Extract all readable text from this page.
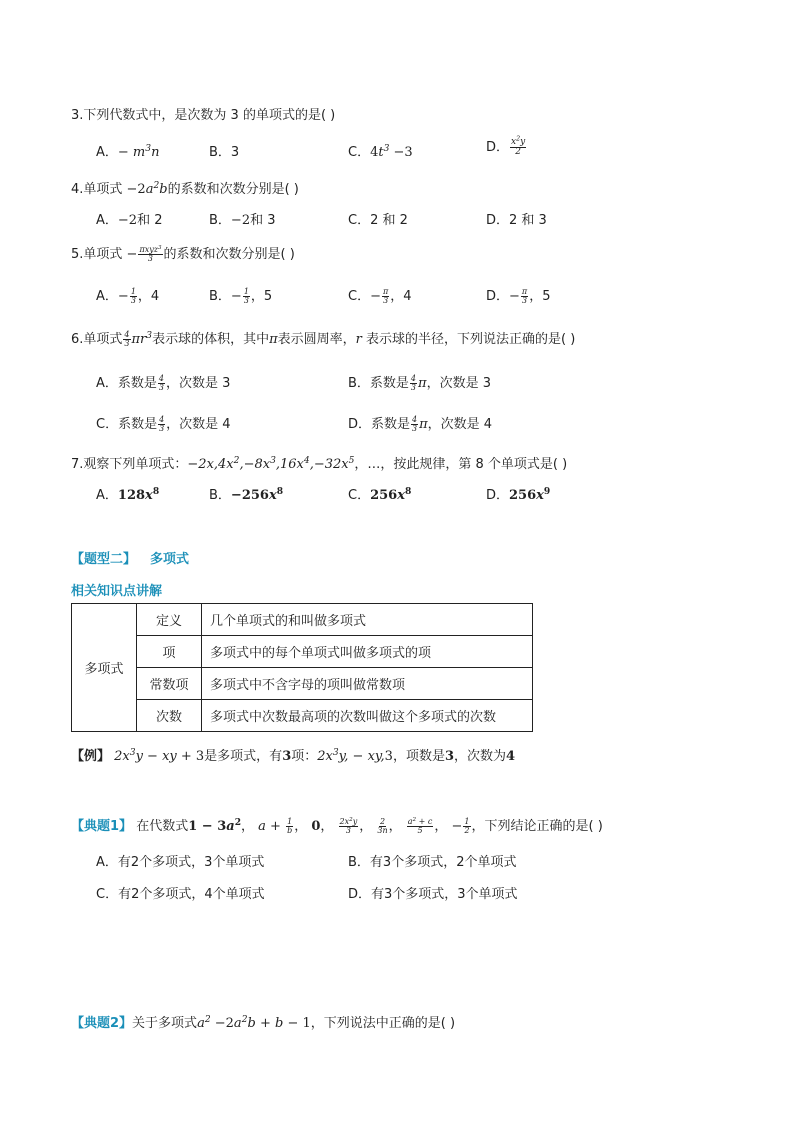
3.下列代数式中，是次数为 3 的单项式的是( )
A．− $m^3n$	B．3	C．$4t^3 -3$	D． $\frac{x^2y}{2}$
4.单项式 $-2a^2b$的系数和次数分别是( )
A．−2和 2	B．−2和 3	C．2 和 2	D．2 和 3
5.单项式 − $\frac{\pi xyz^3}{3}$ 的系数和次数分别是( )
A．− $\frac{1}{3}$ ，4	B．− $\frac{1}{3}$ ，5	C．− $\frac{\pi}{3}$ ，4	D．− $\frac{\pi}{3}$ ，5
6.单项式 $\frac{4}{3} \pi r^3$表示球的体积，其中π表示圆周率，r 表示球的半径，下列说法正确的是( )
A．系数是 $\frac{4}{3}$ ，次数是 3	B．系数是 $\frac{4}{3}$ π，次数是 3
C．系数是 $\frac{4}{3}$ ，次数是 4	D．系数是 $\frac{4}{3}$ π，次数是 4
7.观察下列单项式：$-2x,4x^2,-8x^3,16x^4,-32x^5$，…，按此规律，第 8 个单项式是( )
A．$128x^8$	B．$-256x^8$	C．$256x^8$	D．$256x^9$
【题型二】 多项式
相关知识点讲解
多项式	定义	几个单项式的和叫做多项式
	项	多项式中的每个单项式叫做多项式的项
	常数项	多项式中不含字母的项叫做常数项
	次数	多项式中次数最高项的次数叫做这个多项式的次数
【例】 $2x^3y$ − xy + 3是多项式，有3项：$2x^3y$, − xy,3，项数是3，次数为4
【典题1】 在代数式$1 - 3a^2$， $a + \frac{1}{b}$ ， 0， $\frac{2x^2y}{3}$ ， $\frac{2}{3n}$ ， $\frac{a^2 + c}{5}$ ， − $\frac{1}{2}$ ，下列结论正确的是( )
A．有2个多项式，3个单项式	B．有3个多项式，2个单项式
C．有2个多项式，4个单项式	D．有3个多项式，3个单项式
【典题2】关于多项式$a^2 -2a^2b + b - 1$，下列说法中正确的是( )
